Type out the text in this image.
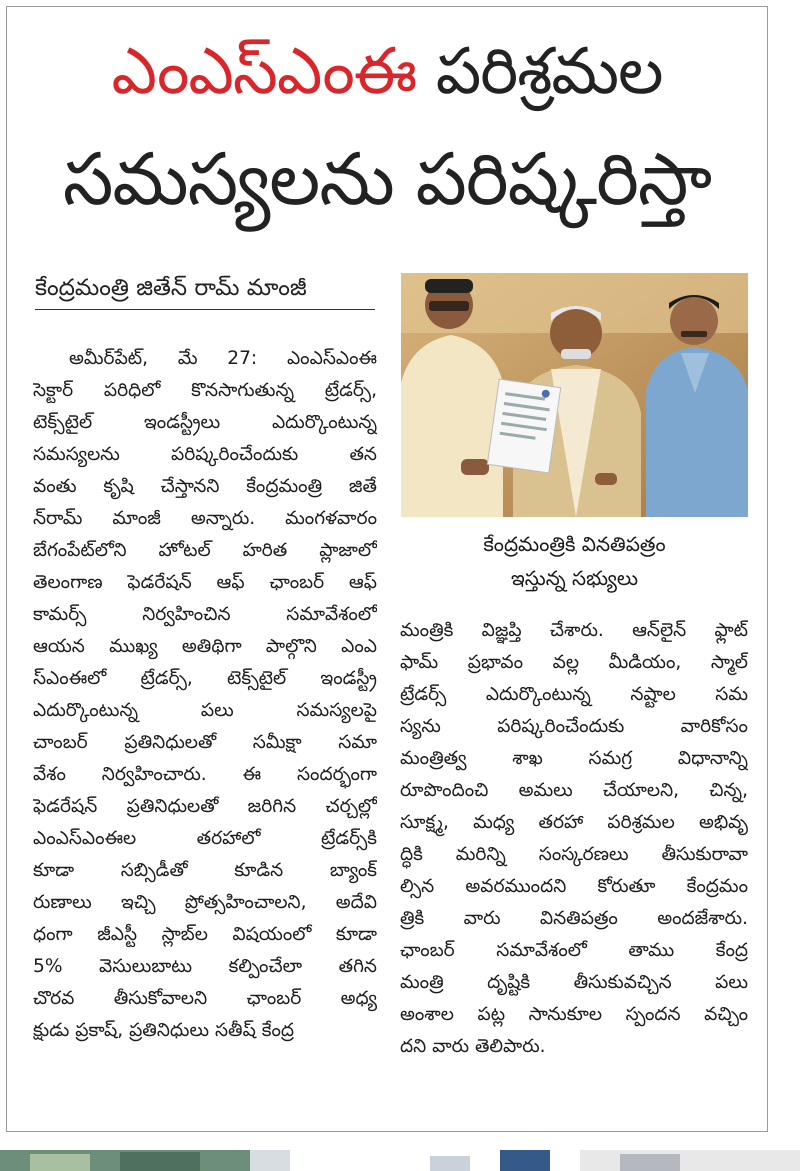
ఎంఎస్ఎంఈ పరిశ్రమల
సమస్యలను పరిష్కరిస్తా
కేంద్రమంత్రి జితేన్ రామ్ మాంజీ
అమీర్‌పేట్, మే 27: ఎంఎస్ఎంఈ
సెక్టార్ పరిధిలో కొనసాగుతున్న ట్రేడర్స్,
టెక్స్‌టైల్ ఇండస్ట్రీలు ఎదుర్కొంటున్న
సమస్యలను పరిష్కరించేందుకు తన
వంతు కృషి చేస్తానని కేంద్రమంత్రి జితే
న్‌రామ్ మాంజీ అన్నారు. మంగళవారం
బేగంపేట్‌లోని హోటల్ హరిత ప్లాజాలో
తెలంగాణ ఫెడరేషన్ ఆఫ్ ఛాంబర్ ఆఫ్
కామర్స్ నిర్వహించిన సమావేశంలో
ఆయన ముఖ్య అతిథిగా పాల్గొని ఎంఎ
స్ఎంఈలో ట్రేడర్స్, టెక్స్‌టైల్ ఇండస్ట్రీ
ఎదుర్కొంటున్న పలు సమస్యలపై
చాంబర్ ప్రతినిధులతో సమీక్షా సమా
వేశం నిర్వహించారు. ఈ సందర్భంగా
ఫెడరేషన్ ప్రతినిధులతో జరిగిన చర్చల్లో
ఎంఎస్ఎంఈల తరహాలో ట్రేడర్స్‌కి
కూడా సబ్సిడీతో కూడిన బ్యాంక్
రుణాలు ఇచ్చి ప్రోత్సహించాలని, అదేవి
ధంగా జీఎస్టీ స్లాబ్‌ల విషయంలో కూడా
5% వెసులుబాటు కల్పించేలా తగిన
చొరవ తీసుకోవాలని ఛాంబర్ అధ్య
క్షుడు ప్రకాష్, ప్రతినిధులు సతీష్ కేంద్ర
కేంద్రమంత్రికి వినతిపత్రం
ఇస్తున్న సభ్యులు
మంత్రికి విజ్ఞప్తి చేశారు. ఆన్‌లైన్ ఫ్లాట్
ఫామ్ ప్రభావం వల్ల మీడియం, స్మాల్
ట్రేడర్స్ ఎదుర్కొంటున్న నష్టాల సమ
స్యను పరిష్కరించేందుకు వారికోసం
మంత్రిత్వ శాఖ సమగ్ర విధానాన్ని
రూపొందించి అమలు చేయాలని, చిన్న,
సూక్ష్మ, మధ్య తరహా పరిశ్రమల అభివృ
ద్ధికి మరిన్ని సంస్కరణలు తీసుకురావా
ల్సిన అవరముందని కోరుతూ కేంద్రమం
త్రికి వారు వినతిపత్రం అందజేశారు.
ఛాంబర్ సమావేశంలో తాము కేంద్ర
మంత్రి దృష్టికి తీసుకువచ్చిన పలు
అంశాల పట్ల సానుకూల స్పందన వచ్చిం
దని వారు తెలిపారు.
